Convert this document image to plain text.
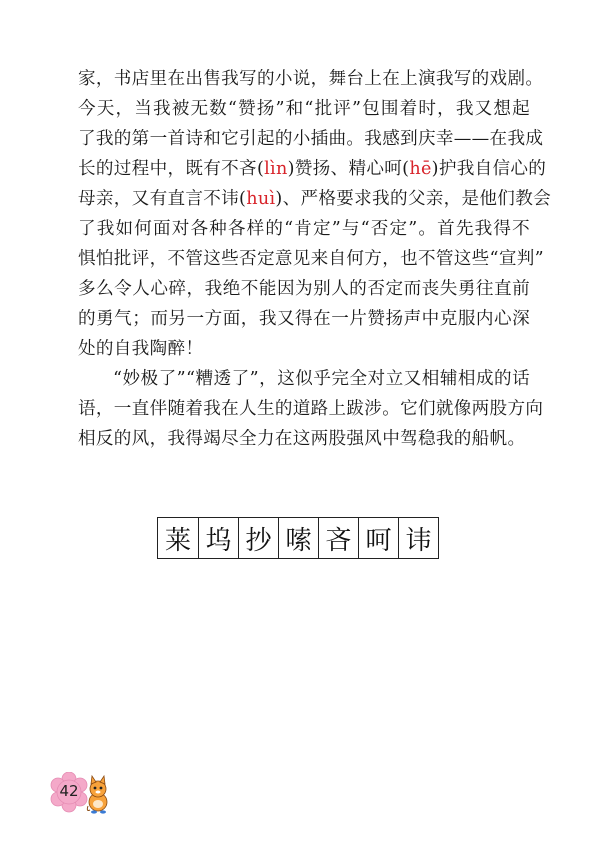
家，书店里在出售我写的小说，舞台上在上演我写的戏剧。
今天，当我被无数“赞扬”和“批评”包围着时，我又想起
了我的第一首诗和它引起的小插曲。我感到庆幸——在我成
长的过程中，既有不吝(lìn)赞扬、精心呵(hē)护我自信心的
母亲，又有直言不讳(huì)、严格要求我的父亲，是他们教会
了我如何面对各种各样的“肯定”与“否定”。首先我得不
惧怕批评，不管这些否定意见来自何方，也不管这些“宣判”
多么令人心碎，我绝不能因为别人的否定而丧失勇往直前
的勇气；而另一方面，我又得在一片赞扬声中克服内心深
处的自我陶醉！
“妙极了”“糟透了”，这似乎完全对立又相辅相成的话
语，一直伴随着我在人生的道路上跋涉。它们就像两股方向
相反的风，我得竭尽全力在这两股强风中驾稳我的船帆。
莱 坞 抄 嗦 吝 呵 讳
42
